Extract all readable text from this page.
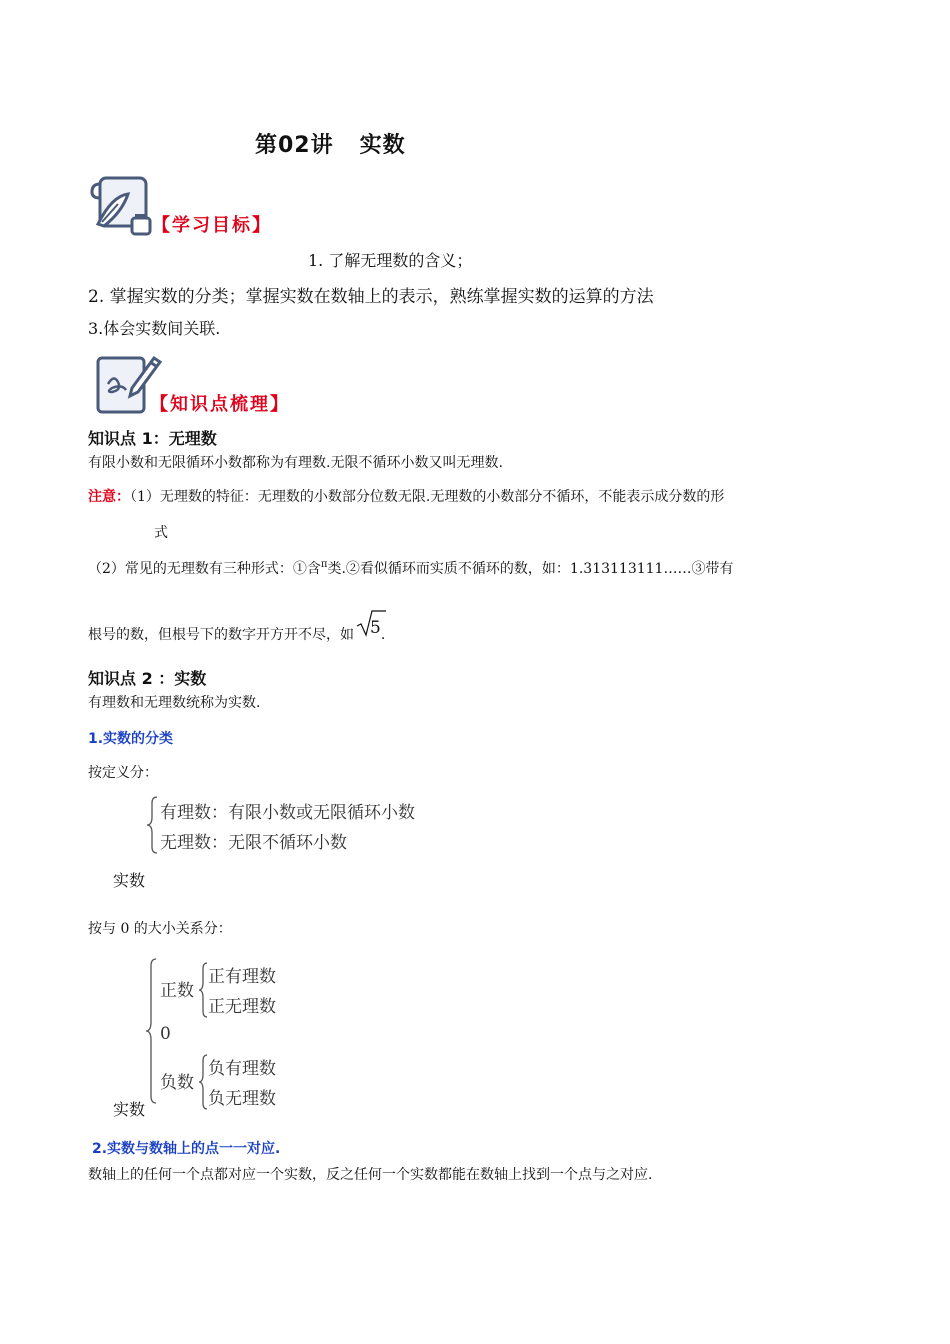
第02讲 实数
【学习目标】
1. 了解无理数的含义；
2. 掌握实数的分类；掌握实数在数轴上的表示，熟练掌握实数的运算的方法
3.体会实数间关联.
【知识点梳理】
知识点 1：无理数
有限小数和无限循环小数都称为有理数.无限不循环小数又叫无理数.
注意：（1）无理数的特征：无理数的小数部分位数无限.无理数的小数部分不循环，不能表示成分数的形
式
（2）常见的无理数有三种形式：①含$^\pi$类.②看似循环而实质不循环的数，如：1.313113111……③带有
根号的数，但根号下的数字开方开不尽，如 5.
知识点 2 ：实数
有理数和无理数统称为实数.
1.实数的分类
按定义分：
有理数：有限小数或无限循环小数
无理数：无限不循环小数
实数
按与 0 的大小关系分：
正数
正有理数
正无理数
0
负数
负有理数
负无理数
实数
2.实数与数轴上的点一一对应.
数轴上的任何一个点都对应一个实数，反之任何一个实数都能在数轴上找到一个点与之对应.
